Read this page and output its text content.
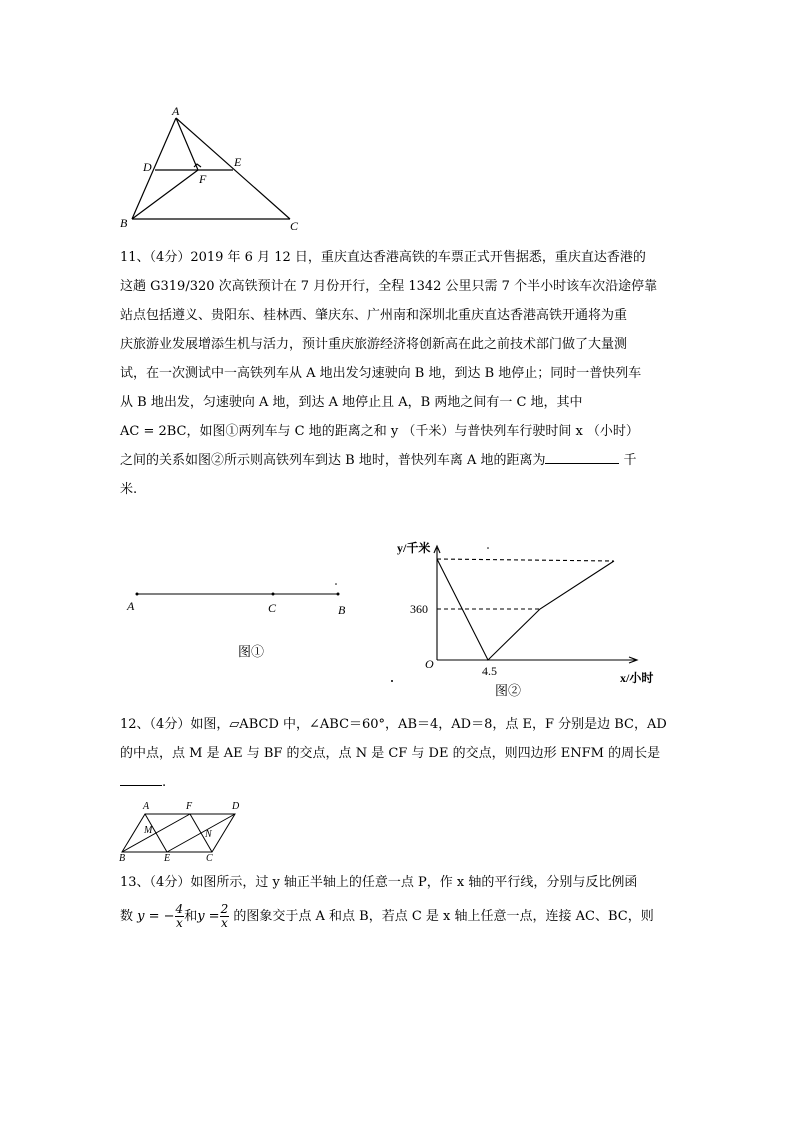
A
D	E
F
B	C
11、（4分）2019 年 6 月 12 日，重庆直达香港高铁的车票正式开售据悉，重庆直达香港的
这趟 G319/320 次高铁预计在 7 月份开行，全程 1342 公里只需 7 个半小时该车次沿途停靠
站点包括遵义、贵阳东、桂林西、肇庆东、广州南和深圳北重庆直达香港高铁开通将为重
庆旅游业发展增添生机与活力，预计重庆旅游经济将创新高在此之前技术部门做了大量测
试，在一次测试中一高铁列车从 A 地出发匀速驶向 B 地，到达 B 地停止；同时一普快列车
从 B 地出发，匀速驶向 A 地，到达 A 地停止且 A，B 两地之间有一 C 地，其中
AC = 2BC，如图①两列车与 C 地的距离之和 y （千米）与普快列车行驶时间 x （小时）
之间的关系如图②所示则高铁列车到达 B 地时，普快列车离 A 地的距离为	千
米.
A	C	B
图①
y/千米
360
O	4.5	x/小时
图②
12、（4分）如图，▱ABCD 中，∠ABC＝60°，AB＝4，AD＝8，点 E，F 分别是边 BC，AD
的中点，点 M 是 AE 与 BF 的交点，点 N 是 CF 与 DE 的交点，则四边形 ENFM 的周长是
.
A	F	D
M	N
B	E	C
13、（4分）如图所示，过 y 轴正半轴上的任意一点 P，作 x 轴的平行线，分别与反比例函
数 y = − $\frac{4}{x}$ 和$y = \frac{2}{x}$ 的图象交于点 A 和点 B，若点 C 是 x 轴上任意一点，连接 AC、BC，则
